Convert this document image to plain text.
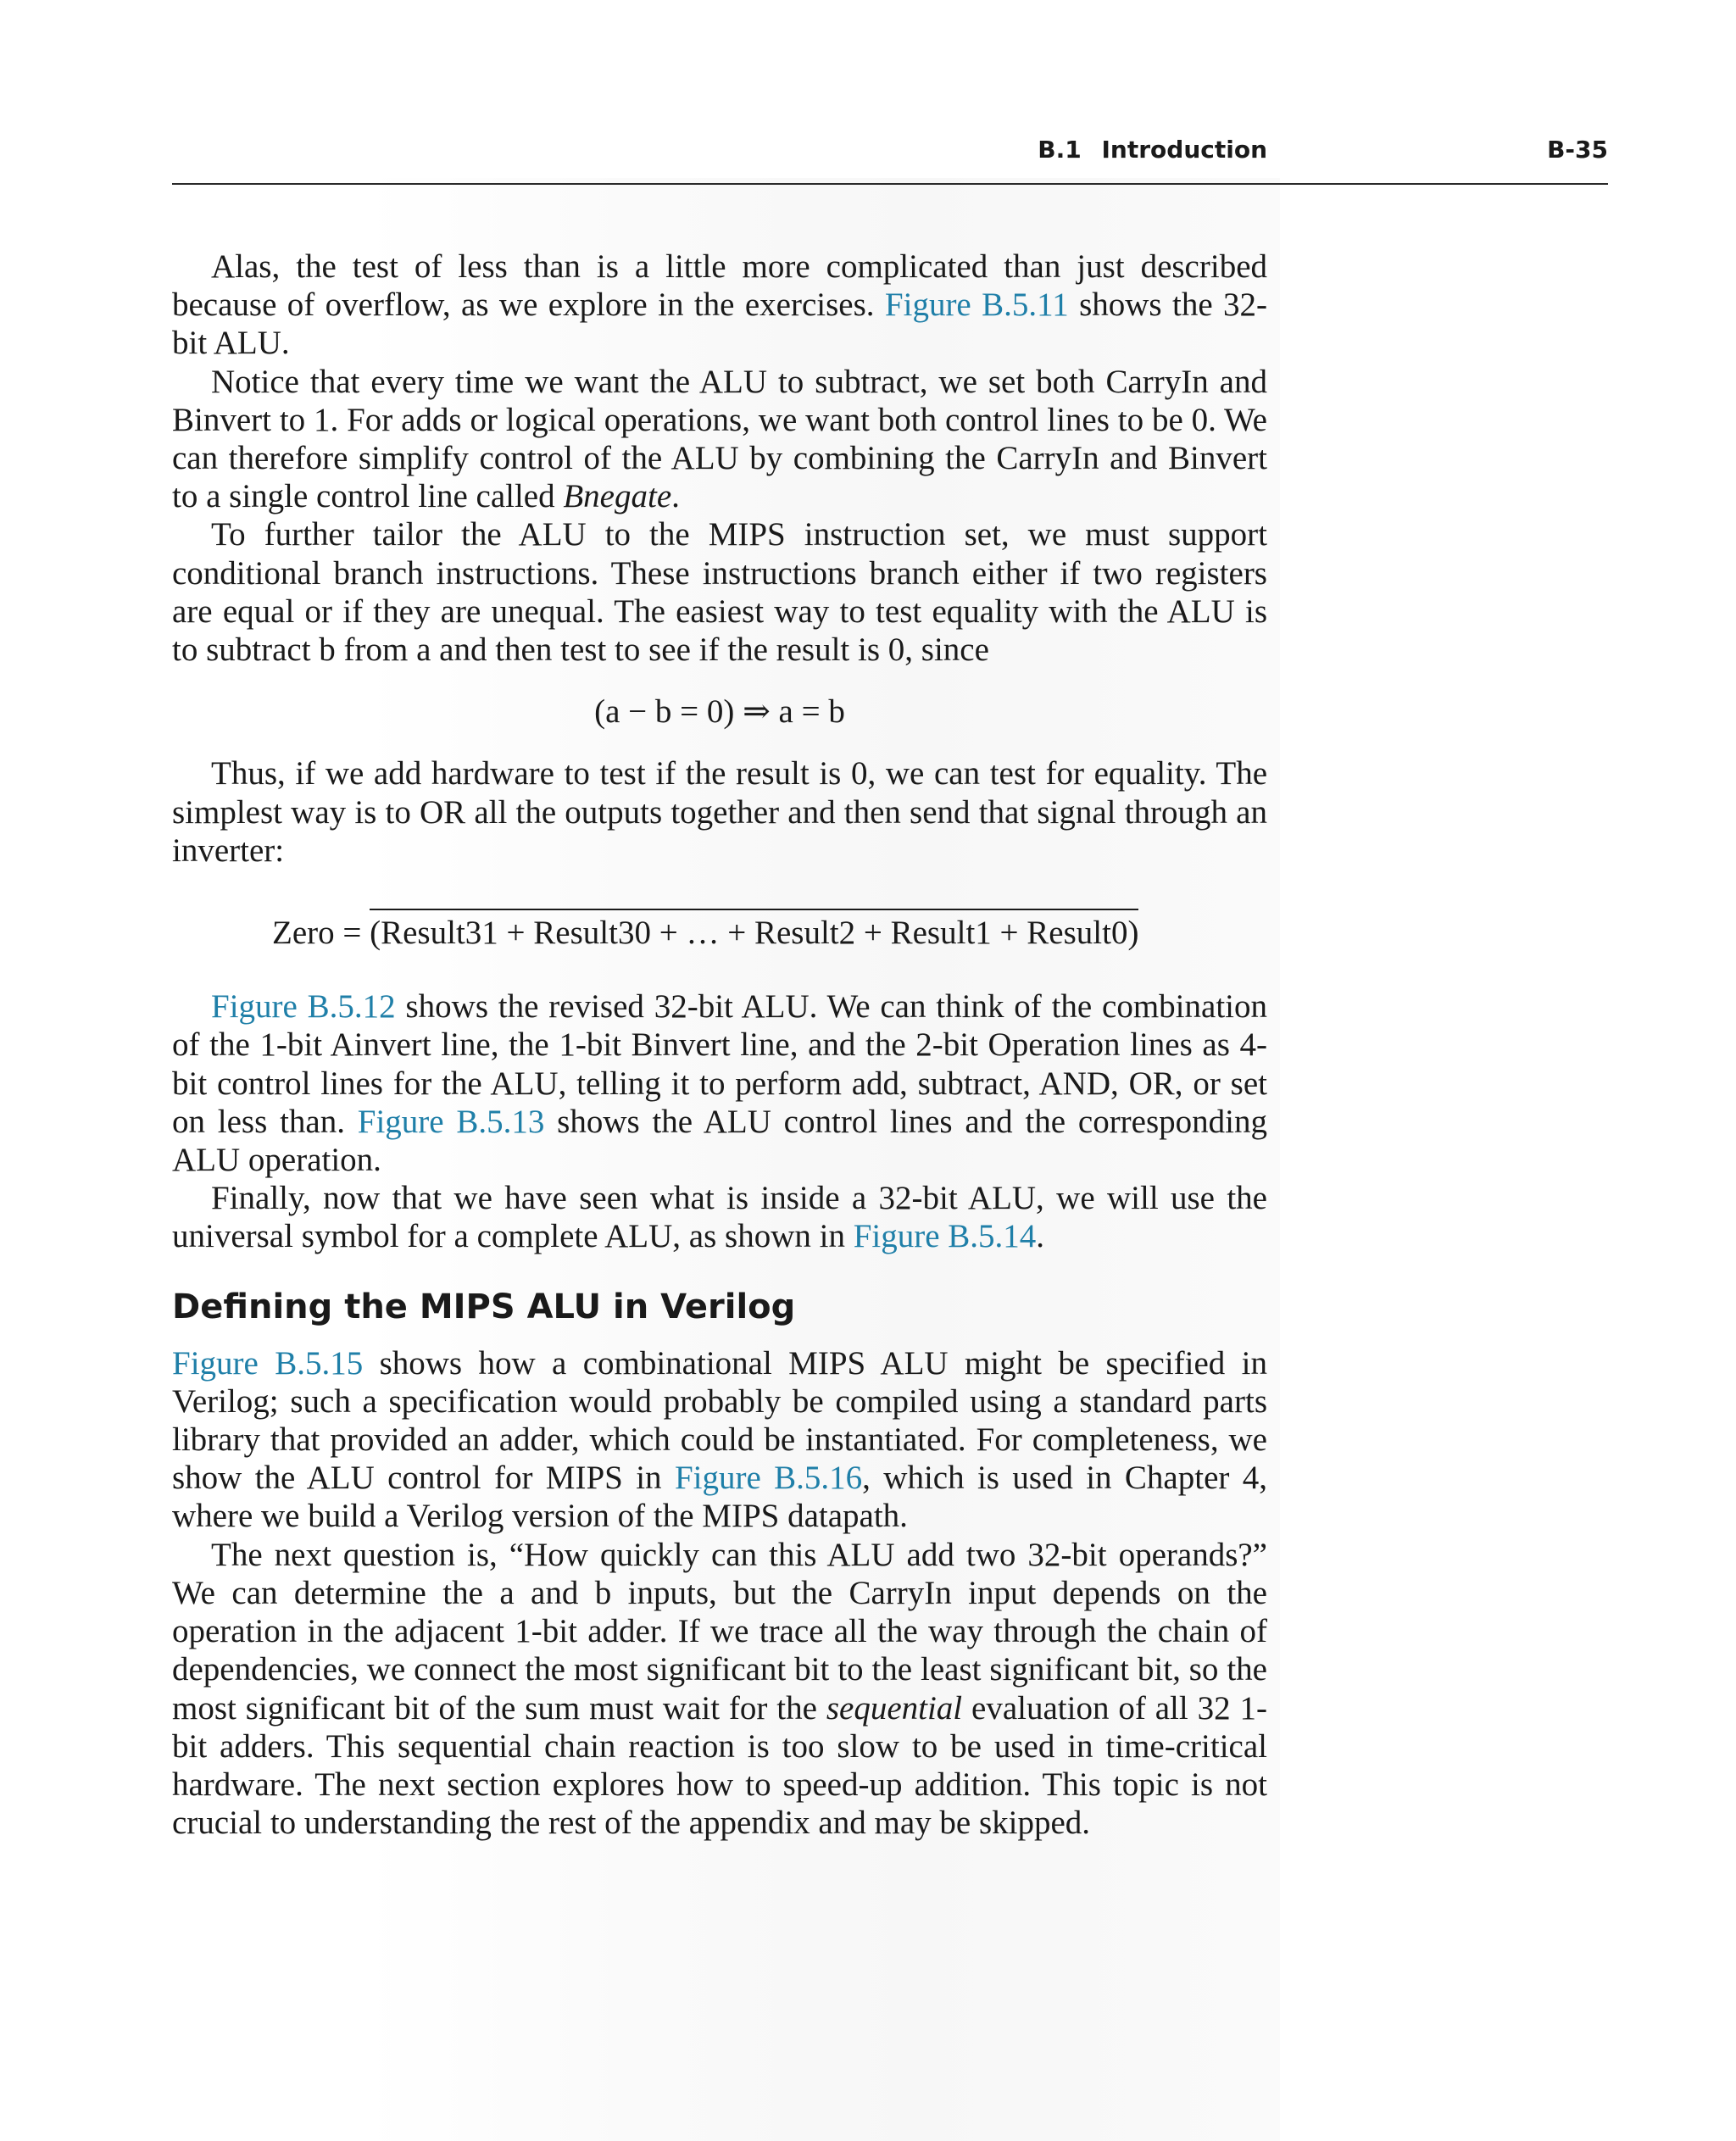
B.1 Introduction	B-35

Alas, the test of less than is a little more complicated than just described because of overflow, as we explore in the exercises. Figure B.5.11 shows the 32-bit ALU.

Notice that every time we want the ALU to subtract, we set both CarryIn and Binvert to 1. For adds or logical operations, we want both control lines to be 0. We can therefore simplify control of the ALU by combining the CarryIn and Binvert to a single control line called Bnegate.

To further tailor the ALU to the MIPS instruction set, we must support conditional branch instructions. These instructions branch either if two registers are equal or if they are unequal. The easiest way to test equality with the ALU is to subtract b from a and then test to see if the result is 0, since

(a − b = 0) ⇒ a = b

Thus, if we add hardware to test if the result is 0, we can test for equality. The simplest way is to OR all the outputs together and then send that signal through an inverter:

Zero = (Result31 + Result30 + … + Result2 + Result1 + Result0)

Figure B.5.12 shows the revised 32-bit ALU. We can think of the combination of the 1-bit Ainvert line, the 1-bit Binvert line, and the 2-bit Operation lines as 4-bit control lines for the ALU, telling it to perform add, subtract, AND, OR, or set on less than. Figure B.5.13 shows the ALU control lines and the corresponding ALU operation.

Finally, now that we have seen what is inside a 32-bit ALU, we will use the universal symbol for a complete ALU, as shown in Figure B.5.14.

Defining the MIPS ALU in Verilog

Figure B.5.15 shows how a combinational MIPS ALU might be specified in Verilog; such a specification would probably be compiled using a standard parts library that provided an adder, which could be instantiated. For completeness, we show the ALU control for MIPS in Figure B.5.16, which is used in Chapter 4, where we build a Verilog version of the MIPS datapath.

The next question is, “How quickly can this ALU add two 32-bit operands?” We can determine the a and b inputs, but the CarryIn input depends on the operation in the adjacent 1-bit adder. If we trace all the way through the chain of dependencies, we connect the most significant bit to the least significant bit, so the most significant bit of the sum must wait for the sequential evaluation of all 32 1-bit adders. This sequential chain reaction is too slow to be used in time-critical hardware. The next section explores how to speed-up addition. This topic is not crucial to understanding the rest of the appendix and may be skipped.
